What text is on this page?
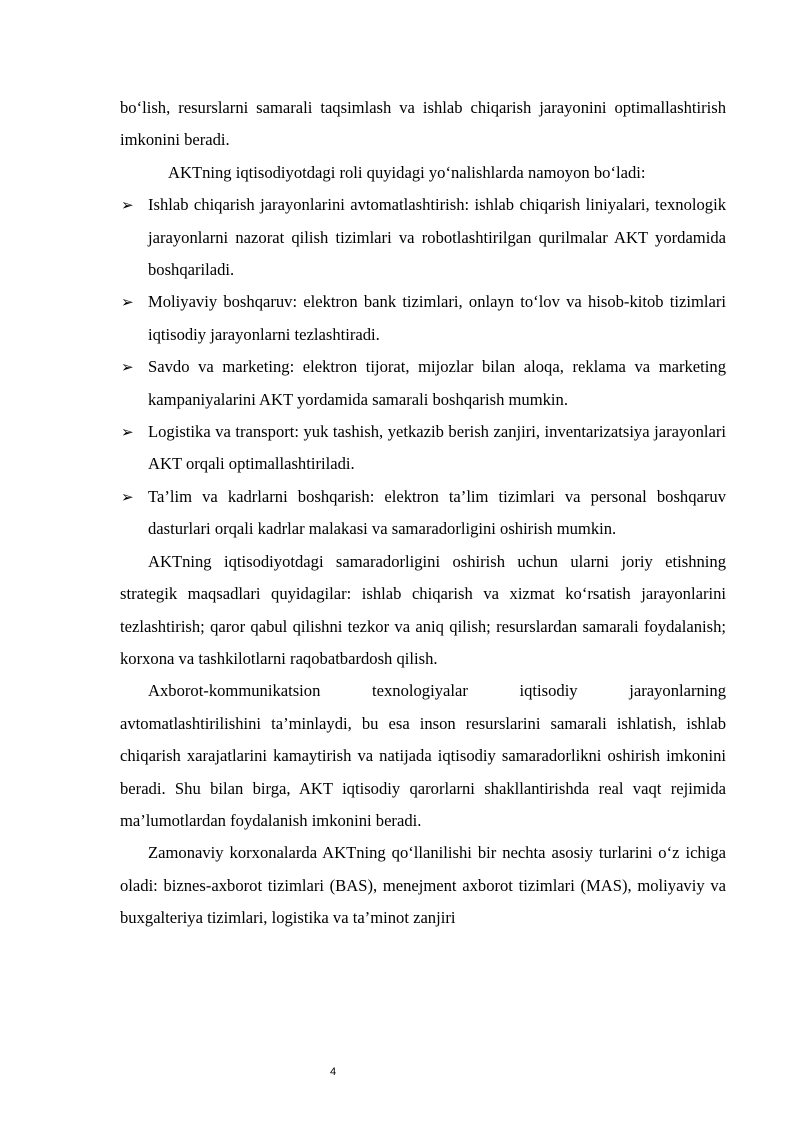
bo‘lish, resurslarni samarali taqsimlash va ishlab chiqarish jarayonini optimallashtirish imkonini beradi.

AKTning iqtisodiyotdagi roli quyidagi yo‘nalishlarda namoyon bo‘ladi:

➢ Ishlab chiqarish jarayonlarini avtomatlashtirish: ishlab chiqarish liniyalari, texnologik jarayonlarni nazorat qilish tizimlari va robotlashtirilgan qurilmalar AKT yordamida boshqariladi.
➢ Moliyaviy boshqaruv: elektron bank tizimlari, onlayn to‘lov va hisob-kitob tizimlari iqtisodiy jarayonlarni tezlashtiradi.
➢ Savdo va marketing: elektron tijorat, mijozlar bilan aloqa, reklama va marketing kampaniyalarini AKT yordamida samarali boshqarish mumkin.
➢ Logistika va transport: yuk tashish, yetkazib berish zanjiri, inventarizatsiya jarayonlari AKT orqali optimallashtiriladi.
➢ Ta’lim va kadrlarni boshqarish: elektron ta’lim tizimlari va personal boshqaruv dasturlari orqali kadrlar malakasi va samaradorligini oshirish mumkin.

AKTning iqtisodiyotdagi samaradorligini oshirish uchun ularni joriy etishning strategik maqsadlari quyidagilar: ishlab chiqarish va xizmat ko‘rsatish jarayonlarini tezlashtirish; qaror qabul qilishni tezkor va aniq qilish; resurslardan samarali foydalanish; korxona va tashkilotlarni raqobatbardosh qilish.

Axborot-kommunikatsion texnologiyalar iqtisodiy jarayonlarning avtomatlashtirilishini ta’minlaydi, bu esa inson resurslarini samarali ishlatish, ishlab chiqarish xarajatlarini kamaytirish va natijada iqtisodiy samaradorlikni oshirish imkonini beradi. Shu bilan birga, AKT iqtisodiy qarorlarni shakllantirishda real vaqt rejimida ma’lumotlardan foydalanish imkonini beradi.

Zamonaviy korxonalarda AKTning qo‘llanilishi bir nechta asosiy turlarini o‘z ichiga oladi: biznes-axborot tizimlari (BAS), menejment axborot tizimlari (MAS), moliyaviy va buxgalteriya tizimlari, logistika va ta’minot zanjiri

4
